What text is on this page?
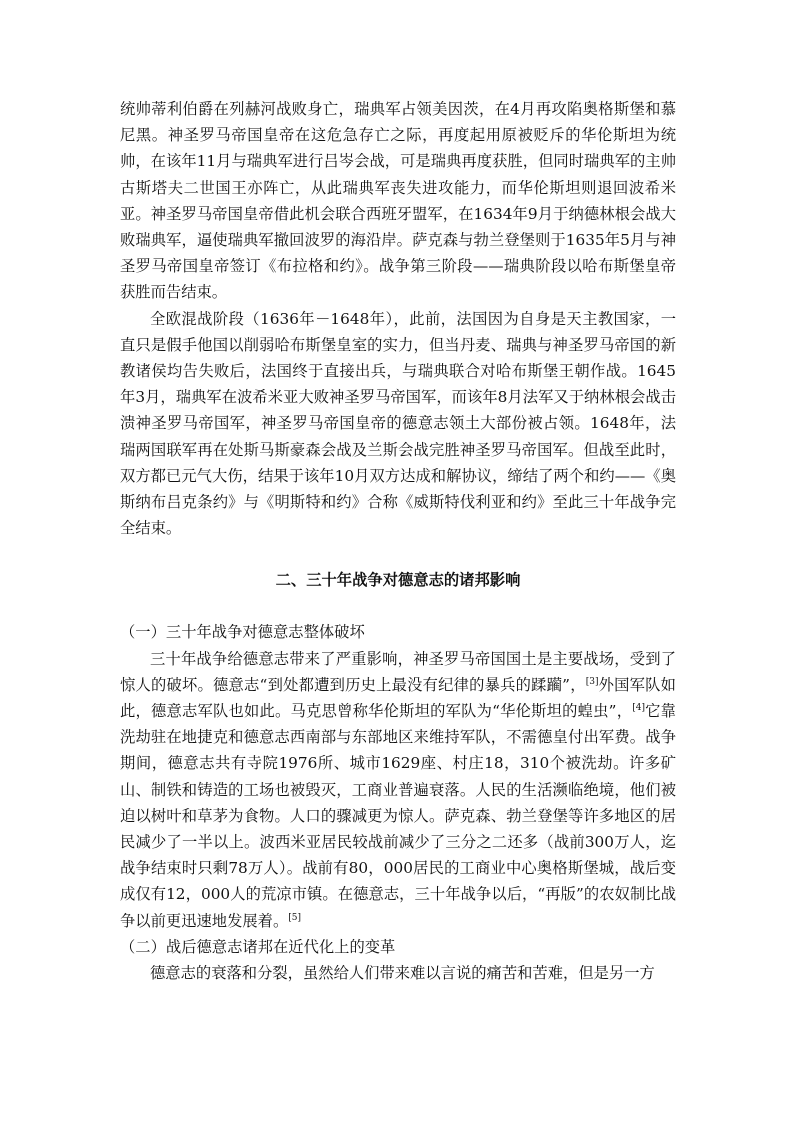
统帅蒂利伯爵在列赫河战败身亡，瑞典军占领美因茨，在4月再攻陷奥格斯堡和慕尼黑。神圣罗马帝国皇帝在这危急存亡之际，再度起用原被贬斥的华伦斯坦为统帅，在该年11月与瑞典军进行吕岑会战，可是瑞典再度获胜，但同时瑞典军的主帅古斯塔夫二世国王亦阵亡，从此瑞典军丧失进攻能力，而华伦斯坦则退回波希米亚。神圣罗马帝国皇帝借此机会联合西班牙盟军，在1634年9月于纳德林根会战大败瑞典军，逼使瑞典军撤回波罗的海沿岸。萨克森与勃兰登堡则于1635年5月与神圣罗马帝国皇帝签订《布拉格和约》。战争第三阶段——瑞典阶段以哈布斯堡皇帝获胜而告结束。

全欧混战阶段（1636年－1648年），此前，法国因为自身是天主教国家，一直只是假手他国以削弱哈布斯堡皇室的实力，但当丹麦、瑞典与神圣罗马帝国的新教诸侯均告失败后，法国终于直接出兵，与瑞典联合对哈布斯堡王朝作战。1645年3月，瑞典军在波希米亚大败神圣罗马帝国军，而该年8月法军又于纳林根会战击溃神圣罗马帝国军，神圣罗马帝国皇帝的德意志领土大部份被占领。1648年，法瑞两国联军再在处斯马斯豪森会战及兰斯会战完胜神圣罗马帝国军。但战至此时，双方都已元气大伤，结果于该年10月双方达成和解协议，缔结了两个和约——《奥斯纳布吕克条约》与《明斯特和约》合称《威斯特伐利亚和约》至此三十年战争完全结束。

二、三十年战争对德意志的诸邦影响

（一）三十年战争对德意志整体破坏

三十年战争给德意志带来了严重影响，神圣罗马帝国国土是主要战场，受到了惊人的破坏。德意志“到处都遭到历史上最没有纪律的暴兵的蹂躏”，[3]外国军队如此，德意志军队也如此。马克思曾称华伦斯坦的军队为“华伦斯坦的蝗虫”，[4]它靠洗劫驻在地捷克和德意志西南部与东部地区来维持军队，不需德皇付出军费。战争期间，德意志共有寺院1976所、城市1629座、村庄18，310个被洗劫。许多矿山、制铁和铸造的工场也被毁灭，工商业普遍衰落。人民的生活濒临绝境，他们被迫以树叶和草茅为食物。人口的骤减更为惊人。萨克森、勃兰登堡等许多地区的居民减少了一半以上。波西米亚居民较战前减少了三分之二还多（战前300万人，迄战争结束时只剩78万人）。战前有80，000居民的工商业中心奥格斯堡城，战后变成仅有12，000人的荒凉市镇。在德意志，三十年战争以后，“再版”的农奴制比战争以前更迅速地发展着。[5]

（二）战后德意志诸邦在近代化上的变革

德意志的衰落和分裂，虽然给人们带来难以言说的痛苦和苦难，但是另一方
